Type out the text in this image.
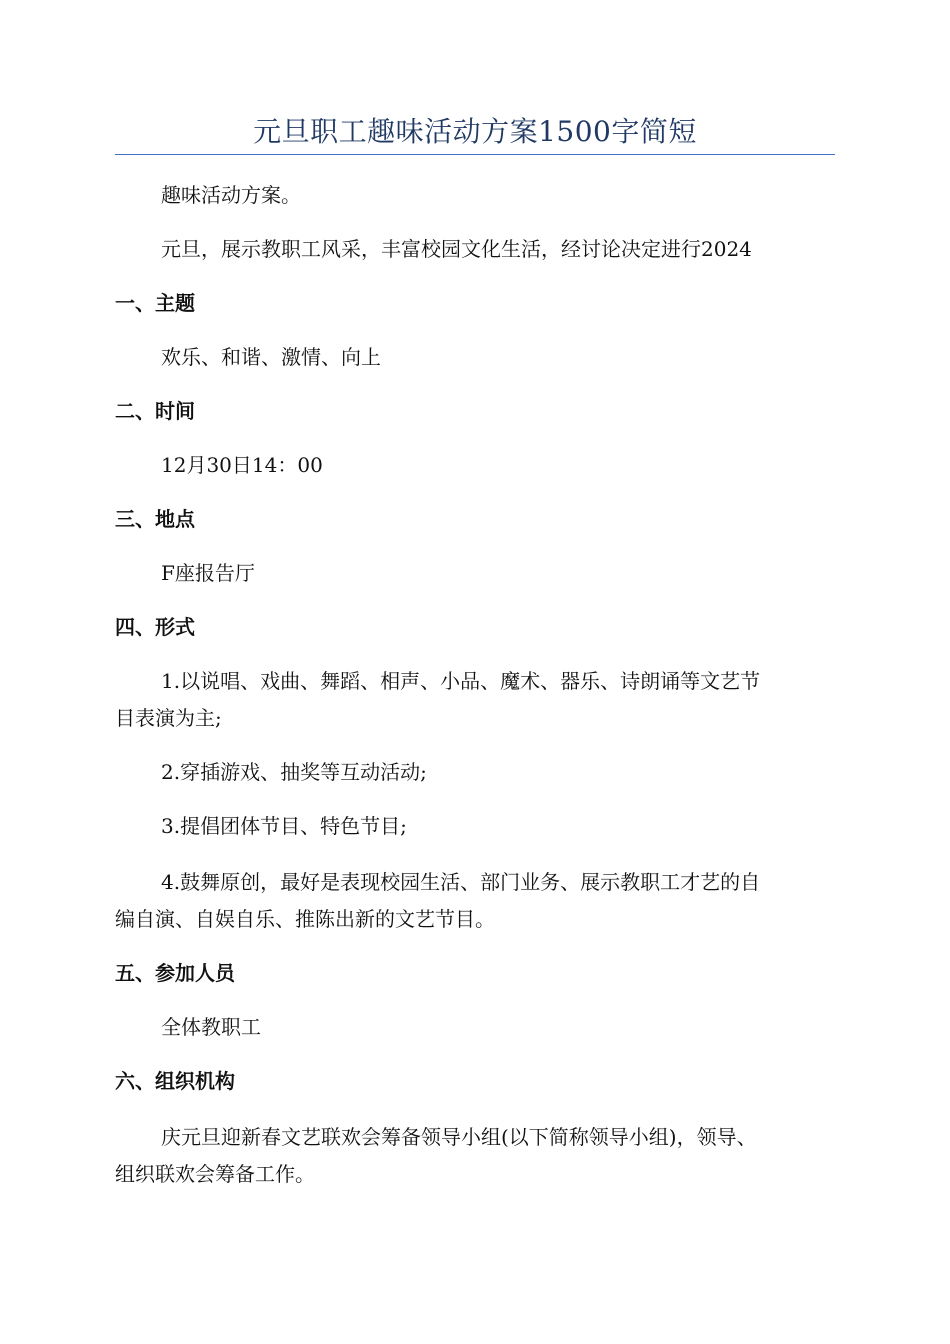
元旦职工趣味活动方案1500字简短
趣味活动方案。
元旦，展示教职工风采，丰富校园文化生活，经讨论决定进行2024
一、主题
欢乐、和谐、激情、向上
二、时间
12月30日14：00
三、地点
F座报告厅
四、形式
1.以说唱、戏曲、舞蹈、相声、小品、魔术、器乐、诗朗诵等文艺节
目表演为主;
2.穿插游戏、抽奖等互动活动;
3.提倡团体节目、特色节目;
4.鼓舞原创，最好是表现校园生活、部门业务、展示教职工才艺的自
编自演、自娱自乐、推陈出新的文艺节目。
五、参加人员
全体教职工
六、组织机构
庆元旦迎新春文艺联欢会筹备领导小组(以下简称领导小组)，领导、
组织联欢会筹备工作。
